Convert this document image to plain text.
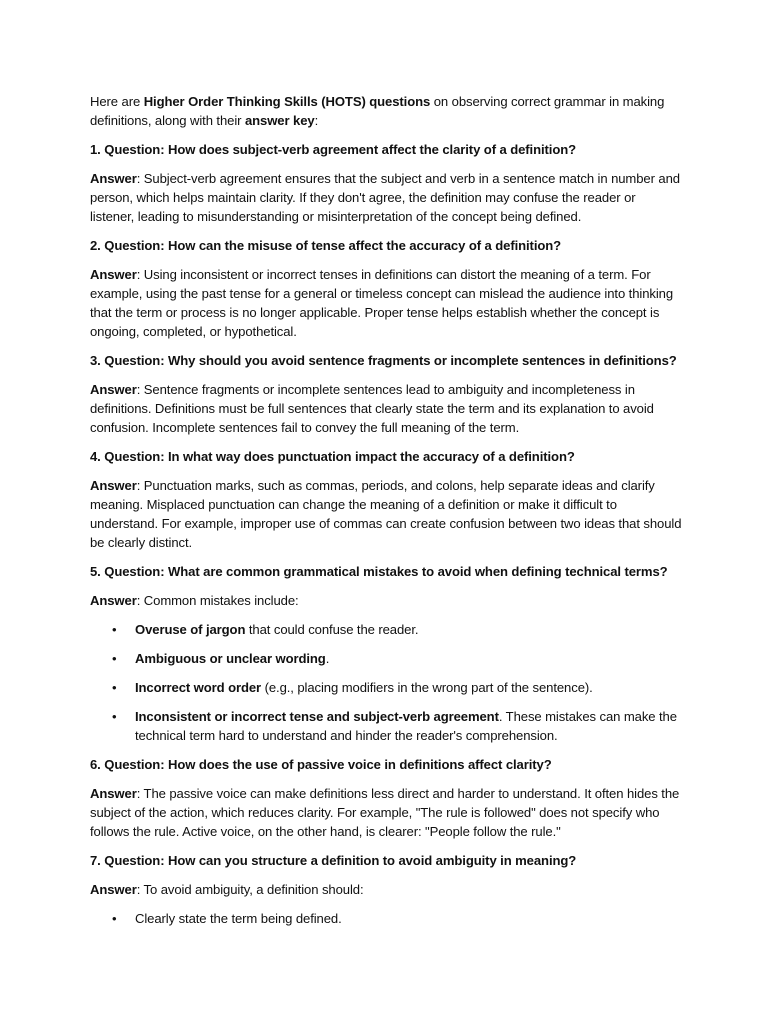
Here are Higher Order Thinking Skills (HOTS) questions on observing correct grammar in making definitions, along with their answer key:

1. Question: How does subject-verb agreement affect the clarity of a definition?

Answer: Subject-verb agreement ensures that the subject and verb in a sentence match in number and person, which helps maintain clarity. If they don't agree, the definition may confuse the reader or listener, leading to misunderstanding or misinterpretation of the concept being defined.

2. Question: How can the misuse of tense affect the accuracy of a definition?

Answer: Using inconsistent or incorrect tenses in definitions can distort the meaning of a term. For example, using the past tense for a general or timeless concept can mislead the audience into thinking that the term or process is no longer applicable. Proper tense helps establish whether the concept is ongoing, completed, or hypothetical.

3. Question: Why should you avoid sentence fragments or incomplete sentences in definitions?

Answer: Sentence fragments or incomplete sentences lead to ambiguity and incompleteness in definitions. Definitions must be full sentences that clearly state the term and its explanation to avoid confusion. Incomplete sentences fail to convey the full meaning of the term.

4. Question: In what way does punctuation impact the accuracy of a definition?

Answer: Punctuation marks, such as commas, periods, and colons, help separate ideas and clarify meaning. Misplaced punctuation can change the meaning of a definition or make it difficult to understand. For example, improper use of commas can create confusion between two ideas that should be clearly distinct.

5. Question: What are common grammatical mistakes to avoid when defining technical terms?

Answer: Common mistakes include:

• Overuse of jargon that could confuse the reader.
• Ambiguous or unclear wording.
• Incorrect word order (e.g., placing modifiers in the wrong part of the sentence).
• Inconsistent or incorrect tense and subject-verb agreement. These mistakes can make the technical term hard to understand and hinder the reader's comprehension.

6. Question: How does the use of passive voice in definitions affect clarity?

Answer: The passive voice can make definitions less direct and harder to understand. It often hides the subject of the action, which reduces clarity. For example, "The rule is followed" does not specify who follows the rule. Active voice, on the other hand, is clearer: "People follow the rule."

7. Question: How can you structure a definition to avoid ambiguity in meaning?

Answer: To avoid ambiguity, a definition should:

• Clearly state the term being defined.
